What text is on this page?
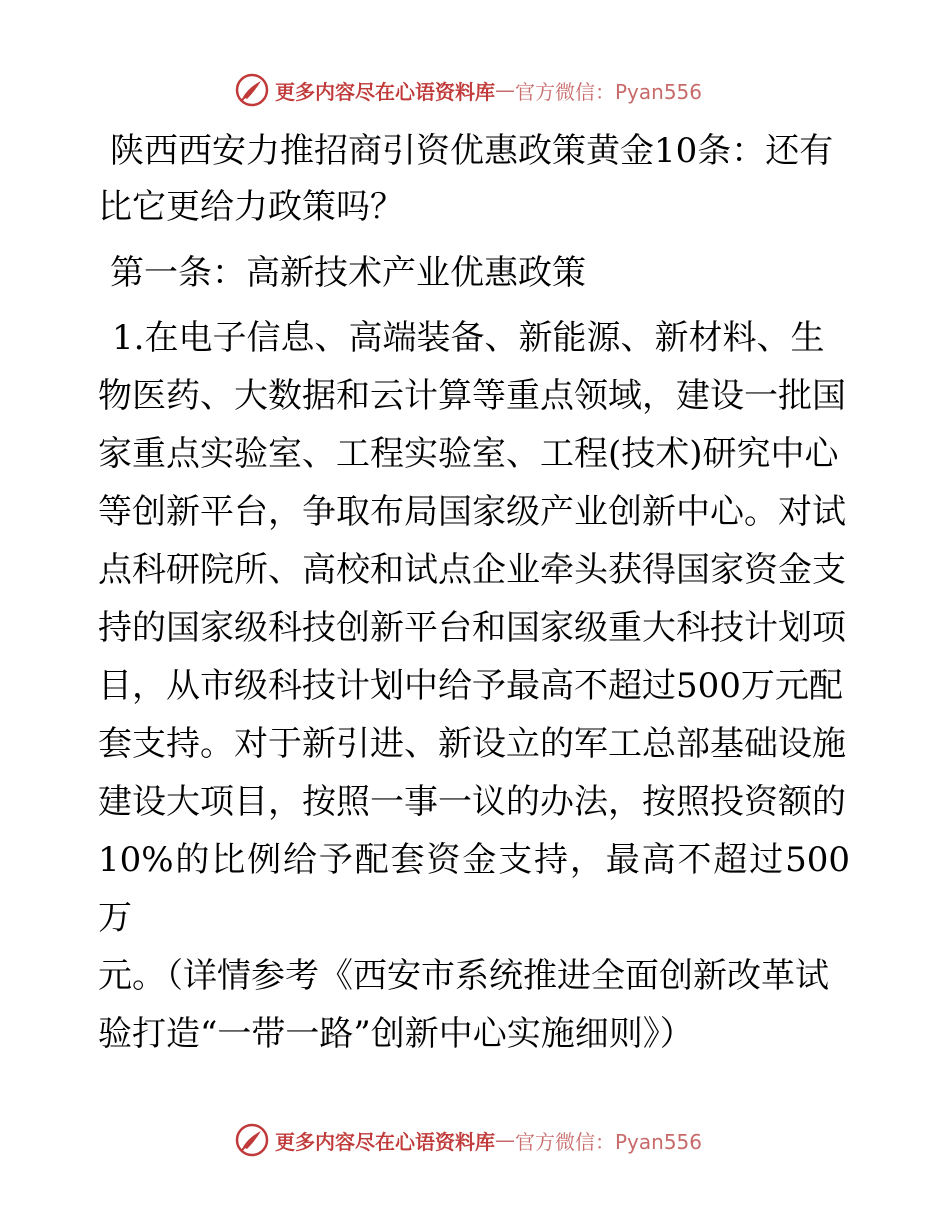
更多内容尽在心语资料库 — 官方微信：Pyan556
陕西西安力推招商引资优惠政策黄金10条：还有
比它更给力政策吗？
第一条：高新技术产业优惠政策
1.在电子信息、高端装备、新能源、新材料、生
物医药、大数据和云计算等重点领域，建设一批国
家重点实验室、工程实验室、工程(技术)研究中心
等创新平台，争取布局国家级产业创新中心。对试
点科研院所、高校和试点企业牵头获得国家资金支
持的国家级科技创新平台和国家级重大科技计划项
目，从市级科技计划中给予最高不超过500万元配
套支持。对于新引进、新设立的军工总部基础设施
建设大项目，按照一事一议的办法，按照投资额的
10%的比例给予配套资金支持，最高不超过500万
元。（详情参考《西安市系统推进全面创新改革试
验打造“一带一路”创新中心实施细则》）
更多内容尽在心语资料库 — 官方微信：Pyan556
